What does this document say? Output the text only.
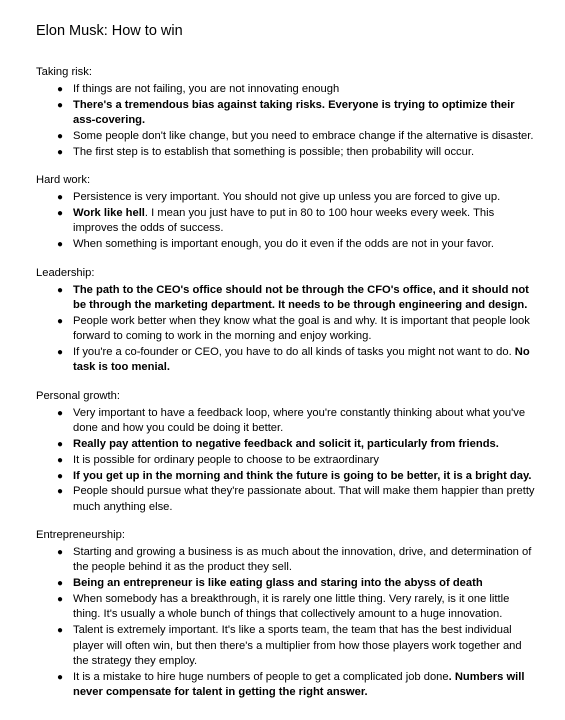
Elon Musk: How to win
Taking risk:
● If things are not failing, you are not innovating enough
● There's a tremendous bias against taking risks. Everyone is trying to optimize their ass-covering.
● Some people don't like change, but you need to embrace change if the alternative is disaster.
● The first step is to establish that something is possible; then probability will occur.
Hard work:
● Persistence is very important. You should not give up unless you are forced to give up.
● Work like hell. I mean you just have to put in 80 to 100 hour weeks every week. This improves the odds of success.
● When something is important enough, you do it even if the odds are not in your favor.
Leadership:
● The path to the CEO's office should not be through the CFO's office, and it should not be through the marketing department. It needs to be through engineering and design.
● People work better when they know what the goal is and why. It is important that people look forward to coming to work in the morning and enjoy working.
● If you're a co-founder or CEO, you have to do all kinds of tasks you might not want to do. No task is too menial.
Personal growth:
● Very important to have a feedback loop, where you're constantly thinking about what you've done and how you could be doing it better.
● Really pay attention to negative feedback and solicit it, particularly from friends.
● It is possible for ordinary people to choose to be extraordinary
● If you get up in the morning and think the future is going to be better, it is a bright day.
● People should pursue what they're passionate about. That will make them happier than pretty much anything else.
Entrepreneurship:
● Starting and growing a business is as much about the innovation, drive, and determination of the people behind it as the product they sell.
● Being an entrepreneur is like eating glass and staring into the abyss of death
● When somebody has a breakthrough, it is rarely one little thing. Very rarely, is it one little thing. It's usually a whole bunch of things that collectively amount to a huge innovation.
● Talent is extremely important. It's like a sports team, the team that has the best individual player will often win, but then there's a multiplier from how those players work together and the strategy they employ.
● It is a mistake to hire huge numbers of people to get a complicated job done. Numbers will never compensate for talent in getting the right answer.
